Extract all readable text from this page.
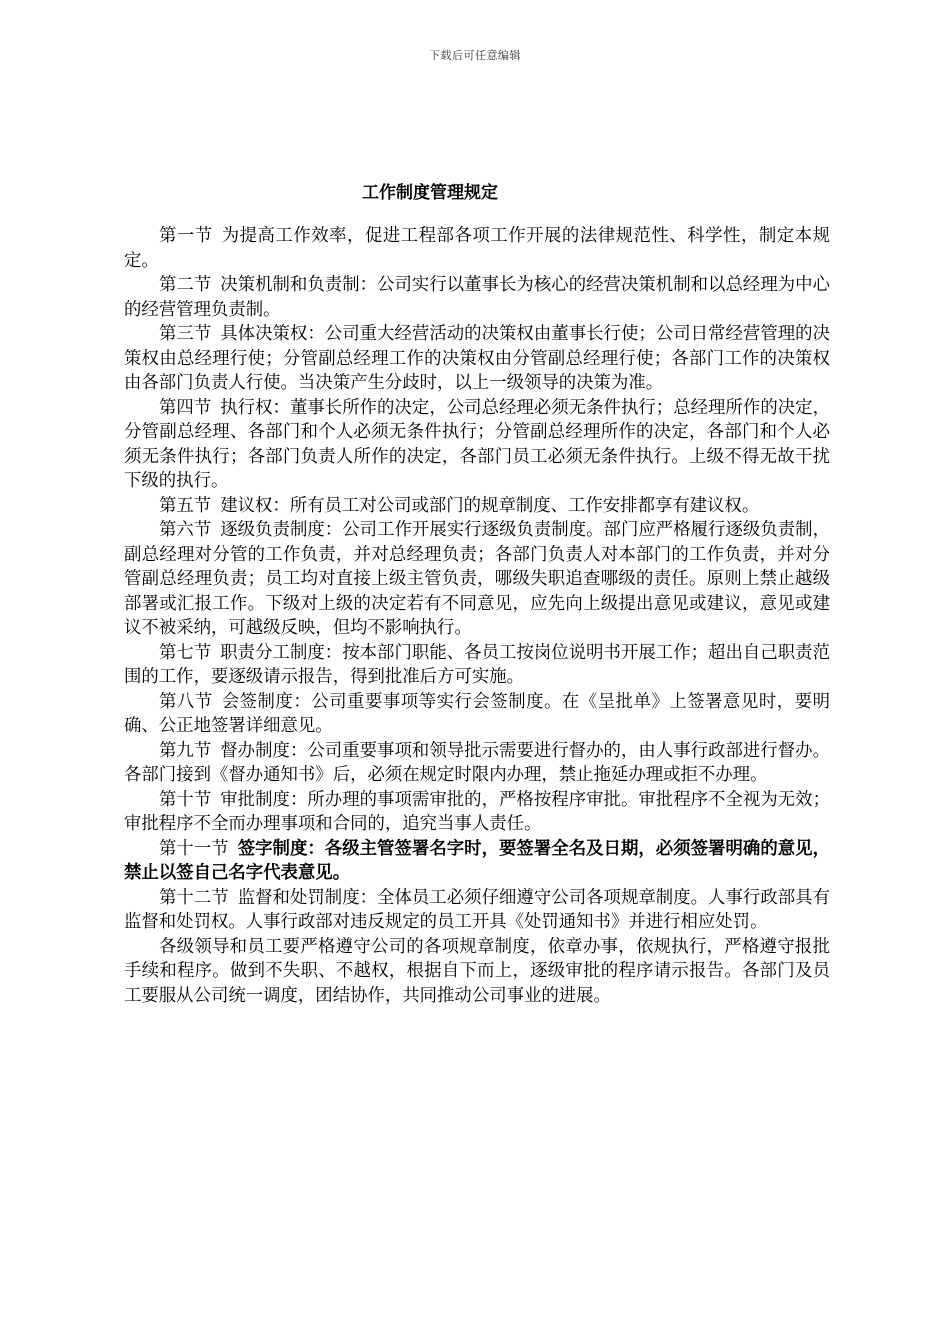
下载后可任意编辑
工作制度管理规定

第一节 为提高工作效率，促进工程部各项工作开展的法律规范性、科学性，制定本规定。

第二节 决策机制和负责制：公司实行以董事长为核心的经营决策机制和以总经理为中心的经营管理负责制。

第三节 具体决策权：公司重大经营活动的决策权由董事长行使；公司日常经营管理的决策权由总经理行使；分管副总经理工作的决策权由分管副总经理行使；各部门工作的决策权由各部门负责人行使。当决策产生分歧时，以上一级领导的决策为准。

第四节 执行权：董事长所作的决定，公司总经理必须无条件执行；总经理所作的决定，分管副总经理、各部门和个人必须无条件执行；分管副总经理所作的决定，各部门和个人必须无条件执行；各部门负责人所作的决定，各部门员工必须无条件执行。上级不得无故干扰下级的执行。

第五节 建议权：所有员工对公司或部门的规章制度、工作安排都享有建议权。

第六节 逐级负责制度：公司工作开展实行逐级负责制度。部门应严格履行逐级负责制，副总经理对分管的工作负责，并对总经理负责；各部门负责人对本部门的工作负责，并对分管副总经理负责；员工均对直接上级主管负责，哪级失职追查哪级的责任。原则上禁止越级部署或汇报工作。下级对上级的决定若有不同意见，应先向上级提出意见或建议，意见或建议不被采纳，可越级反映，但均不影响执行。

第七节 职责分工制度：按本部门职能、各员工按岗位说明书开展工作；超出自己职责范围的工作，要逐级请示报告，得到批准后方可实施。

第八节 会签制度：公司重要事项等实行会签制度。在《呈批单》上签署意见时，要明确、公正地签署详细意见。

第九节 督办制度：公司重要事项和领导批示需要进行督办的，由人事行政部进行督办。各部门接到《督办通知书》后，必须在规定时限内办理，禁止拖延办理或拒不办理。

第十节 审批制度：所办理的事项需审批的，严格按程序审批。审批程序不全视为无效；审批程序不全而办理事项和合同的，追究当事人责任。

第十一节 签字制度：各级主管签署名字时，要签署全名及日期，必须签署明确的意见，禁止以签自己名字代表意见。

第十二节 监督和处罚制度：全体员工必须仔细遵守公司各项规章制度。人事行政部具有监督和处罚权。人事行政部对违反规定的员工开具《处罚通知书》并进行相应处罚。

各级领导和员工要严格遵守公司的各项规章制度，依章办事，依规执行，严格遵守报批手续和程序。做到不失职、不越权，根据自下而上，逐级审批的程序请示报告。各部门及员工要服从公司统一调度，团结协作，共同推动公司事业的进展。
